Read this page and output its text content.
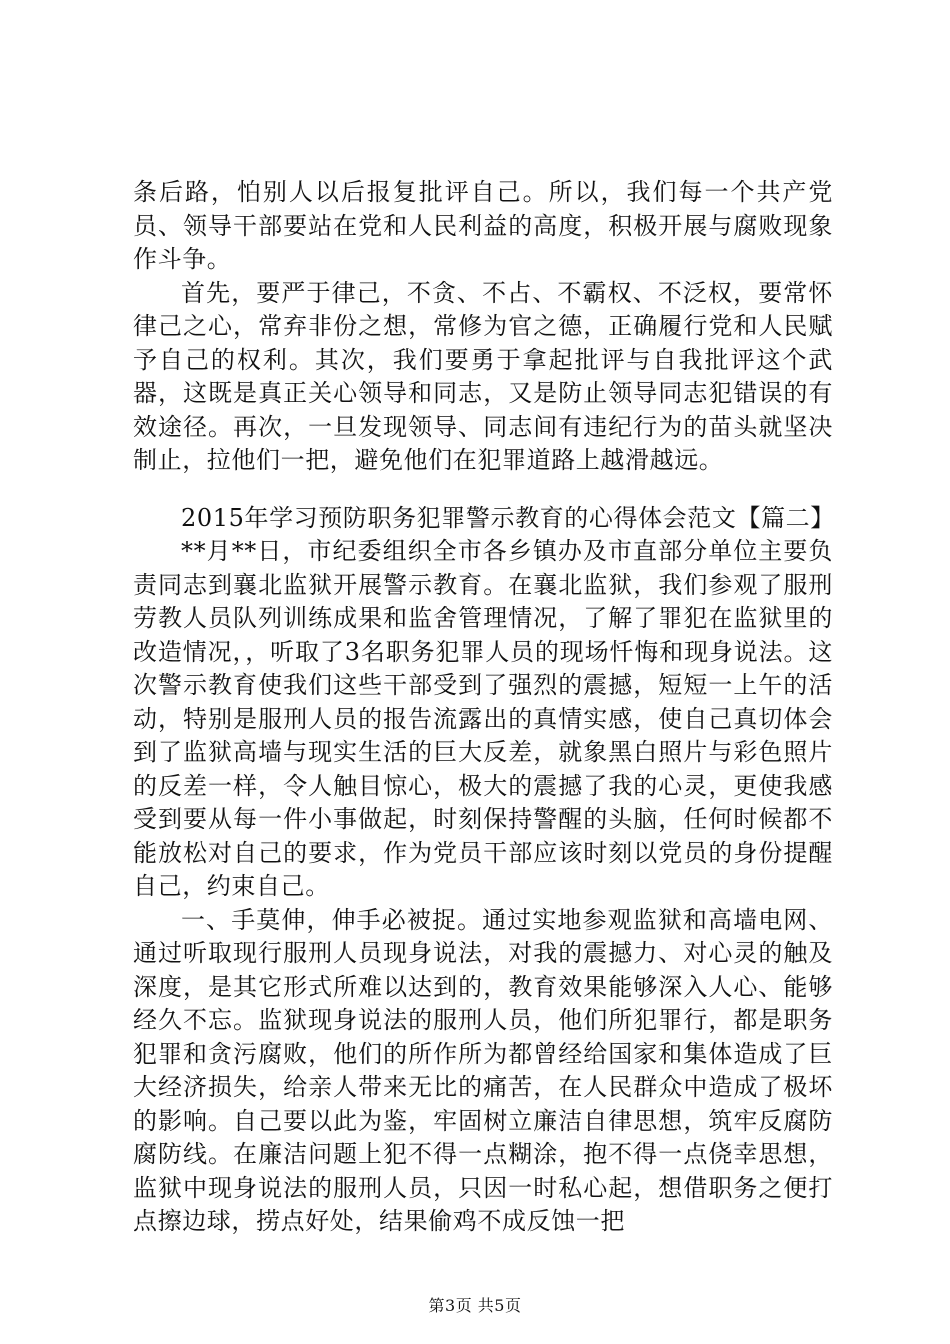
条后路，怕别人以后报复批评自己。所以，我们每一个共产党员、领导干部要站在党和人民利益的高度，积极开展与腐败现象作斗争。

首先，要严于律己，不贪、不占、不霸权、不泛权，要常怀律己之心，常弃非份之想，常修为官之德，正确履行党和人民赋予自己的权利。其次，我们要勇于拿起批评与自我批评这个武器，这既是真正关心领导和同志，又是防止领导同志犯错误的有效途径。再次，一旦发现领导、同志间有违纪行为的苗头就坚决制止，拉他们一把，避免他们在犯罪道路上越滑越远。

2015年学习预防职务犯罪警示教育的心得体会范文【篇二】

**月**日，市纪委组织全市各乡镇办及市直部分单位主要负责同志到襄北监狱开展警示教育。在襄北监狱，我们参观了服刑劳教人员队列训练成果和监舍管理情况，了解了罪犯在监狱里的改造情况，，听取了3名职务犯罪人员的现场忏悔和现身说法。这次警示教育使我们这些干部受到了强烈的震撼，短短一上午的活动，特别是服刑人员的报告流露出的真情实感，使自己真切体会到了监狱高墙与现实生活的巨大反差，就象黑白照片与彩色照片的反差一样，令人触目惊心，极大的震撼了我的心灵，更使我感受到要从每一件小事做起，时刻保持警醒的头脑，任何时候都不能放松对自己的要求，作为党员干部应该时刻以党员的身份提醒自己，约束自己。

一、手莫伸，伸手必被捉。通过实地参观监狱和高墙电网、通过听取现行服刑人员现身说法，对我的震撼力、对心灵的触及深度，是其它形式所难以达到的，教育效果能够深入人心、能够经久不忘。监狱现身说法的服刑人员，他们所犯罪行，都是职务犯罪和贪污腐败，他们的所作所为都曾经给国家和集体造成了巨大经济损失，给亲人带来无比的痛苦，在人民群众中造成了极坏的影响。自己要以此为鉴，牢固树立廉洁自律思想，筑牢反腐防腐防线。在廉洁问题上犯不得一点糊涂，抱不得一点侥幸思想，监狱中现身说法的服刑人员，只因一时私心起，想借职务之便打点擦边球，捞点好处，结果偷鸡不成反蚀一把

第3页 共5页
